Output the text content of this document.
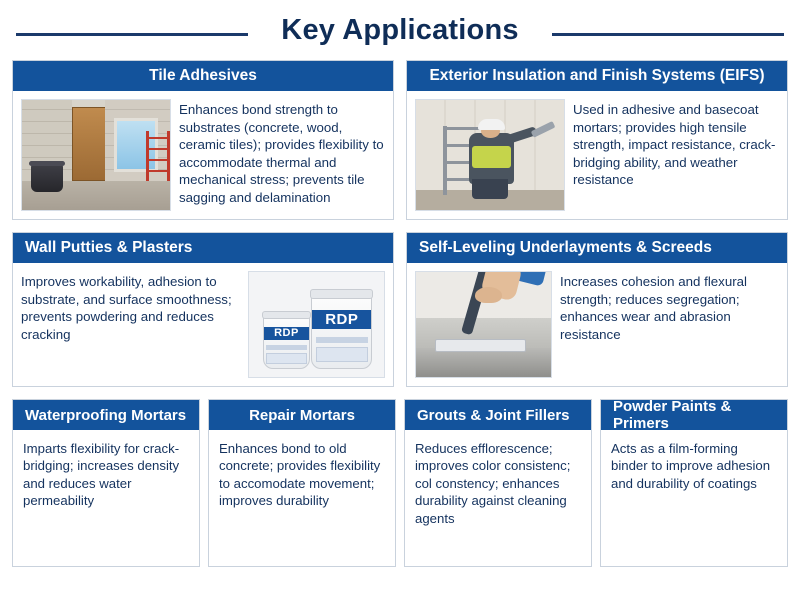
Key Applications
Tile Adhesives
Enhances bond strength to substrates (concrete, wood, ceramic tiles); provides flexibility to accommodate thermal and mechanical stress; prevents tile sagging and delamination
Exterior Insulation and Finish Systems (EIFS)
Used in adhesive and basecoat mortars; provides high tensile strength, impact resistance, crack-bridging ability, and weather resistance
Wall Putties & Plasters
Improves workability, adhesion to substrate, and surface smoothness; prevents powdering and reduces cracking	RDP
RDP
Self-Leveling Underlayments & Screeds
Increases cohesion and flexural strength; reduces segregation; enhances wear and abrasion resistance
Waterproofing Mortars
Imparts flexibility for crack-bridging; increases density and reduces water permeability
Repair Mortars
Enhances bond to old concrete; provides flexibility to accomodate movement; improves durability
Grouts & Joint Fillers
Reduces efflorescence; improves color consistenc; col constency; enhances durability against cleaning agents
Powder Paints & Primers
Acts as a film-forming binder to improve adhesion and durability of coatings
